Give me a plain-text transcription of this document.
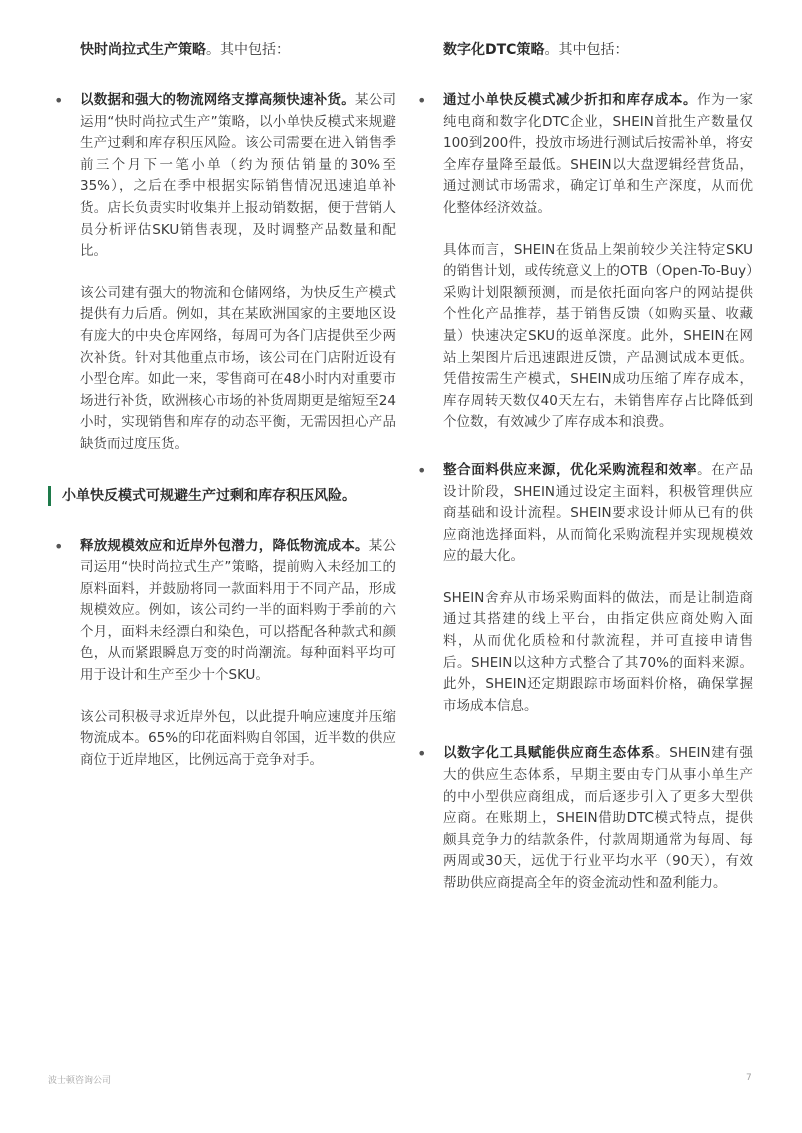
快时尚拉式生产策略。其中包括：

• 以数据和强大的物流网络支撑高频快速补货。某公司运用“快时尚拉式生产”策略，以小单快反模式来规避生产过剩和库存积压风险。该公司需要在进入销售季前三个月下一笔小单（约为预估销量的30%至35%），之后在季中根据实际销售情况迅速追单补货。店长负责实时收集并上报动销数据，便于营销人员分析评估SKU销售表现，及时调整产品数量和配比。

该公司建有强大的物流和仓储网络，为快反生产模式提供有力后盾。例如，其在某欧洲国家的主要地区设有庞大的中央仓库网络，每周可为各门店提供至少两次补货。针对其他重点市场，该公司在门店附近设有小型仓库。如此一来，零售商可在48小时内对重要市场进行补货，欧洲核心市场的补货周期更是缩短至24小时，实现销售和库存的动态平衡，无需因担心产品缺货而过度压货。

小单快反模式可规避生产过剩和库存积压风险。
• 释放规模效应和近岸外包潜力，降低物流成本。某公司运用“快时尚拉式生产”策略，提前购入未经加工的原料面料，并鼓励将同一款面料用于不同产品，形成规模效应。例如，该公司约一半的面料购于季前的六个月，面料未经漂白和染色，可以搭配各种款式和颜色，从而紧跟瞬息万变的时尚潮流。每种面料平均可用于设计和生产至少十个SKU。

该公司积极寻求近岸外包，以此提升响应速度并压缩物流成本。65%的印花面料购自邻国，近半数的供应商位于近岸地区，比例远高于竞争对手。

数字化DTC策略。其中包括：

• 通过小单快反模式减少折扣和库存成本。作为一家纯电商和数字化DTC企业，SHEIN首批生产数量仅100到200件，投放市场进行测试后按需补单，将安全库存量降至最低。SHEIN以大盘逻辑经营货品，通过测试市场需求，确定订单和生产深度，从而优化整体经济效益。

具体而言，SHEIN在货品上架前较少关注特定SKU的销售计划，或传统意义上的OTB（Open-To-Buy）采购计划限额预测，而是依托面向客户的网站提供个性化产品推荐，基于销售反馈（如购买量、收藏量）快速决定SKU的返单深度。此外，SHEIN在网站上架图片后迅速跟进反馈，产品测试成本更低。凭借按需生产模式，SHEIN成功压缩了库存成本，库存周转天数仅40天左右，未销售库存占比降低到个位数，有效减少了库存成本和浪费。

• 整合面料供应来源，优化采购流程和效率。在产品设计阶段，SHEIN通过设定主面料，积极管理供应商基础和设计流程。SHEIN要求设计师从已有的供应商池选择面料，从而简化采购流程并实现规模效应的最大化。

SHEIN舍弃从市场采购面料的做法，而是让制造商通过其搭建的线上平台，由指定供应商处购入面料，从而优化质检和付款流程，并可直接申请售后。SHEIN以这种方式整合了其70%的面料来源。此外，SHEIN还定期跟踪市场面料价格，确保掌握市场成本信息。

• 以数字化工具赋能供应商生态体系。SHEIN建有强大的供应生态体系，早期主要由专门从事小单生产的中小型供应商组成，而后逐步引入了更多大型供应商。在账期上，SHEIN借助DTC模式特点，提供颇具竞争力的结款条件，付款周期通常为每周、每两周或30天，远优于行业平均水平（90天），有效帮助供应商提高全年的资金流动性和盈利能力。

波士顿咨询公司	7
